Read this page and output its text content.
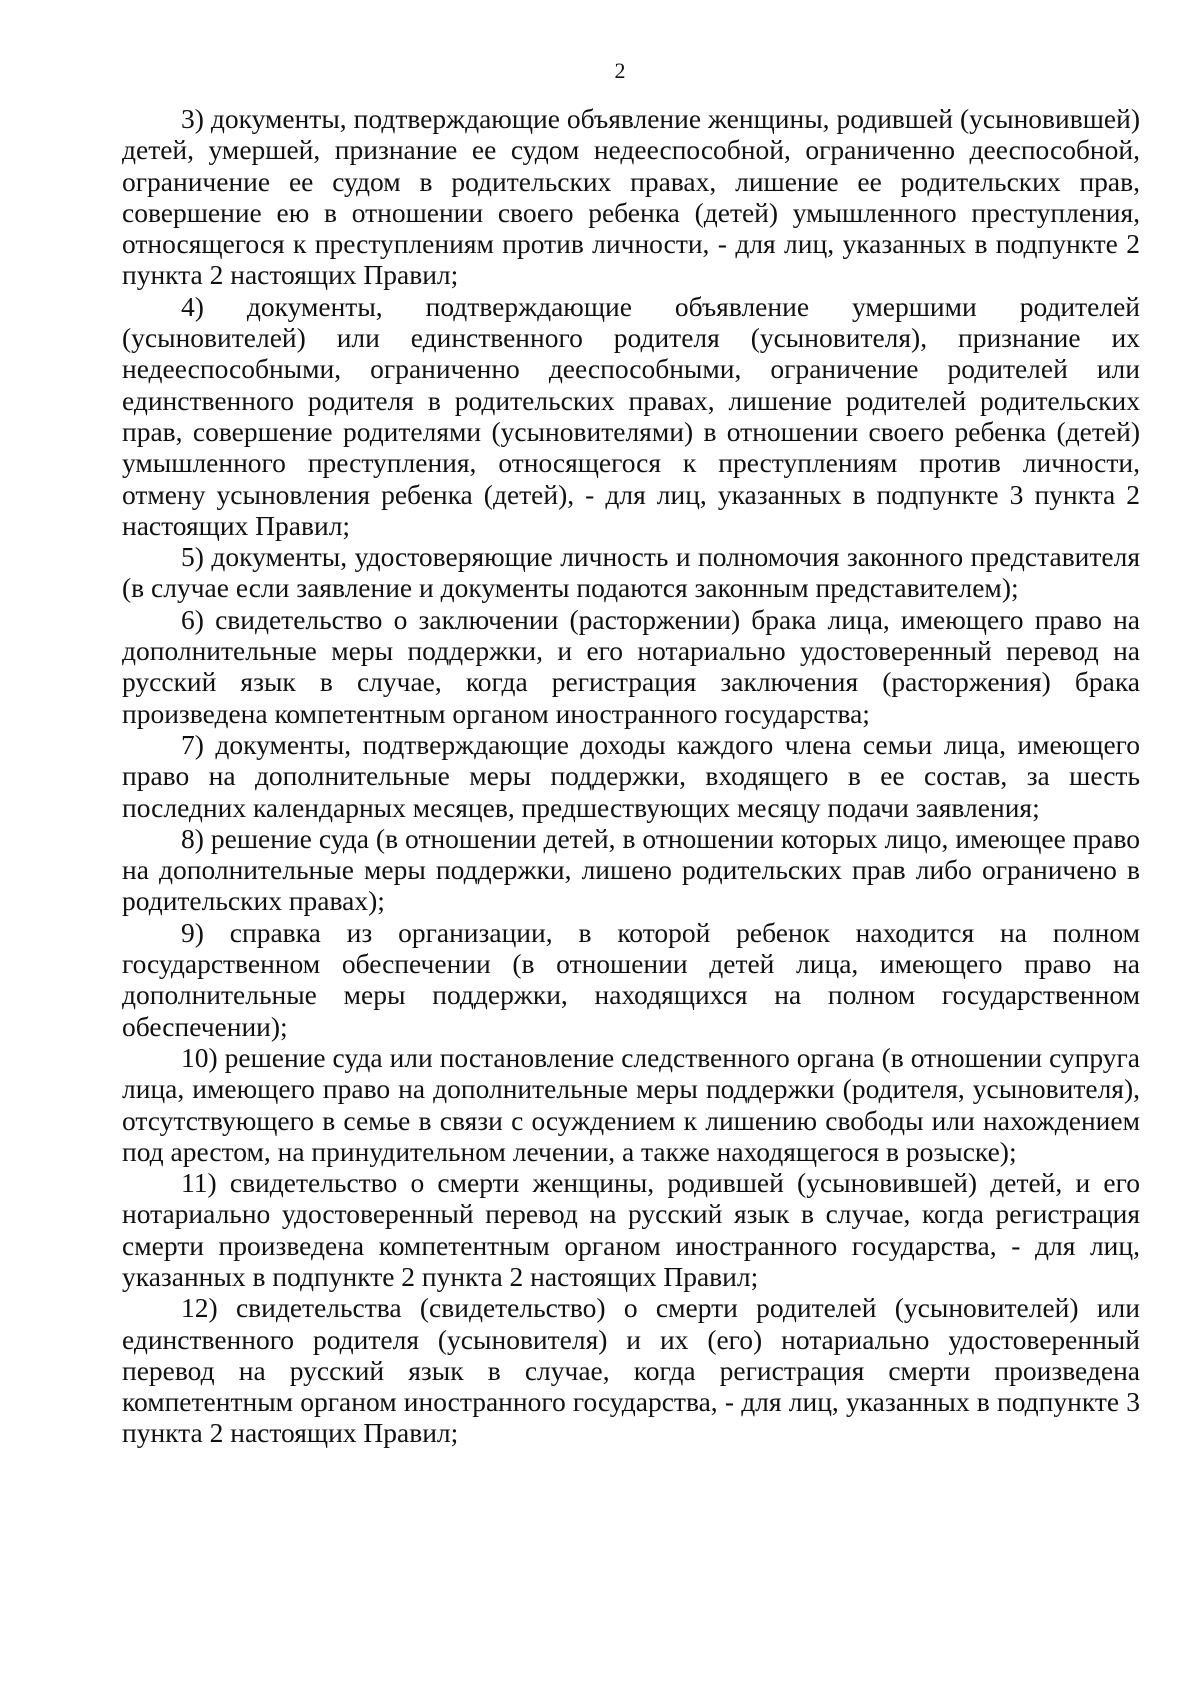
2

3) документы, подтверждающие объявление женщины, родившей (усыновившей) детей, умершей, признание ее судом недееспособной, ограниченно дееспособной, ограничение ее судом в родительских правах, лишение ее родительских прав, совершение ею в отношении своего ребенка (детей) умышленного преступления, относящегося к преступлениям против личности, - для лиц, указанных в подпункте 2 пункта 2 настоящих Правил;

4) документы, подтверждающие объявление умершими родителей (усыновителей) или единственного родителя (усыновителя), признание их недееспособными, ограниченно дееспособными, ограничение родителей или единственного родителя в родительских правах, лишение родителей родительских прав, совершение родителями (усыновителями) в отношении своего ребенка (детей) умышленного преступления, относящегося к преступлениям против личности, отмену усыновления ребенка (детей), - для лиц, указанных в подпункте 3 пункта 2 настоящих Правил;

5) документы, удостоверяющие личность и полномочия законного представителя (в случае если заявление и документы подаются законным представителем);

6) свидетельство о заключении (расторжении) брака лица, имеющего право на дополнительные меры поддержки, и его нотариально удостоверенный перевод на русский язык в случае, когда регистрация заключения (расторжения) брака произведена компетентным органом иностранного государства;

7) документы, подтверждающие доходы каждого члена семьи лица, имеющего право на дополнительные меры поддержки, входящего в ее состав, за шесть последних календарных месяцев, предшествующих месяцу подачи заявления;

8) решение суда (в отношении детей, в отношении которых лицо, имеющее право на дополнительные меры поддержки, лишено родительских прав либо ограничено в родительских правах);

9) справка из организации, в которой ребенок находится на полном государственном обеспечении (в отношении детей лица, имеющего право на дополнительные меры поддержки, находящихся на полном государственном обеспечении);

10) решение суда или постановление следственного органа (в отношении супруга лица, имеющего право на дополнительные меры поддержки (родителя, усыновителя), отсутствующего в семье в связи с осуждением к лишению свободы или нахождением под арестом, на принудительном лечении, а также находящегося в розыске);

11) свидетельство о смерти женщины, родившей (усыновившей) детей, и его нотариально удостоверенный перевод на русский язык в случае, когда регистрация смерти произведена компетентным органом иностранного государства, - для лиц, указанных в подпункте 2 пункта 2 настоящих Правил;

12) свидетельства (свидетельство) о смерти родителей (усыновителей) или единственного родителя (усыновителя) и их (его) нотариально удостоверенный перевод на русский язык в случае, когда регистрация смерти произведена компетентным органом иностранного государства, - для лиц, указанных в подпункте 3 пункта 2 настоящих Правил;
